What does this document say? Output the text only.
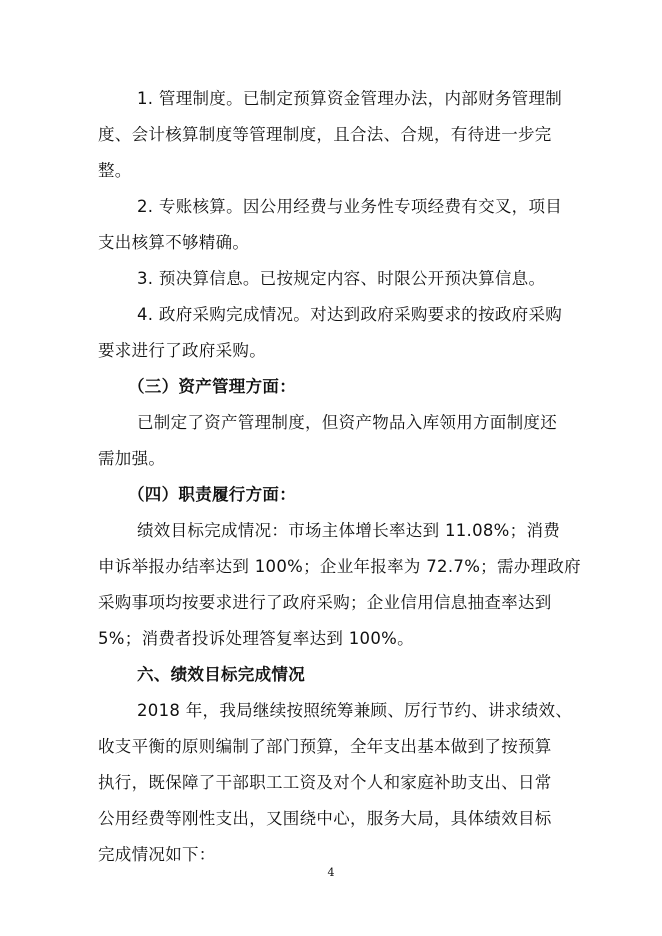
1. 管理制度。已制定预算资金管理办法，内部财务管理制
度、会计核算制度等管理制度，且合法、合规，有待进一步完
整。
2. 专账核算。因公用经费与业务性专项经费有交叉，项目
支出核算不够精确。
3. 预决算信息。已按规定内容、时限公开预决算信息。
4. 政府采购完成情况。对达到政府采购要求的按政府采购
要求进行了政府采购。
（三）资产管理方面：
已制定了资产管理制度，但资产物品入库领用方面制度还
需加强。
（四）职责履行方面：
绩效目标完成情况：市场主体增长率达到 11.08%；消费
申诉举报办结率达到 100%；企业年报率为 72.7%；需办理政府
采购事项均按要求进行了政府采购；企业信用信息抽查率达到
5%；消费者投诉处理答复率达到 100%。
六、绩效目标完成情况
2018 年，我局继续按照统筹兼顾、厉行节约、讲求绩效、
收支平衡的原则编制了部门预算，全年支出基本做到了按预算
执行，既保障了干部职工工资及对个人和家庭补助支出、日常
公用经费等刚性支出，又围绕中心，服务大局，具体绩效目标
完成情况如下：
4
